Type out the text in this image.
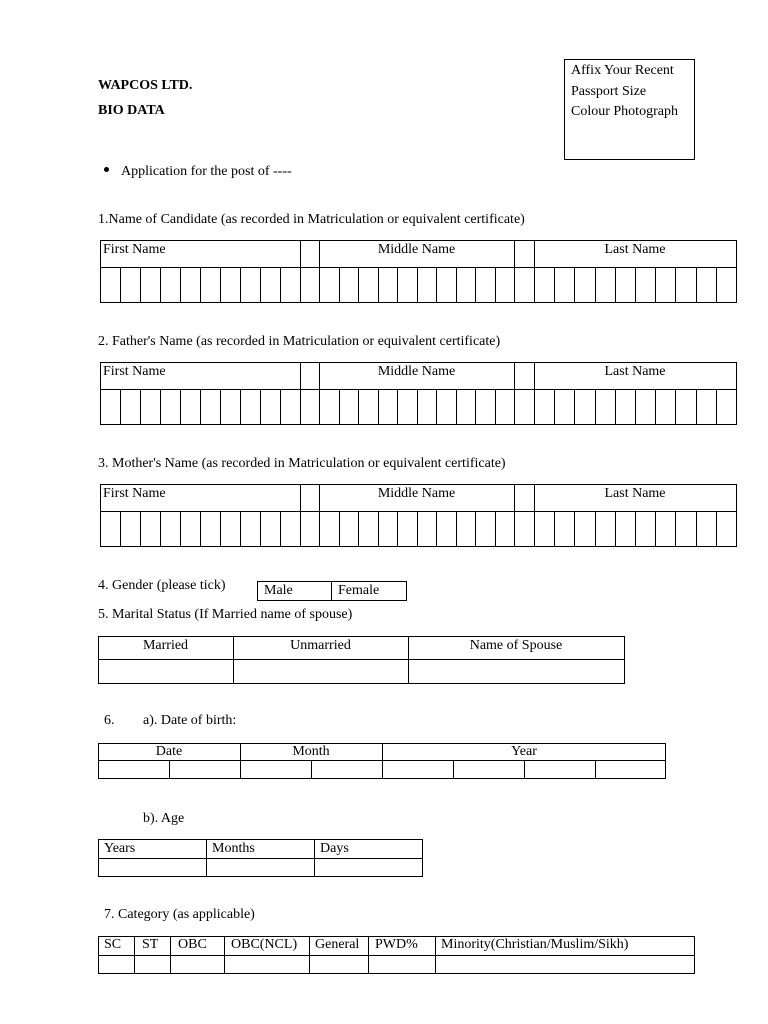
WAPCOS LTD.
BIO DATA
Affix Your Recent
Passport Size
Colour Photograph
Application for the post of ----
1.Name of Candidate (as recorded in Matriculation or equivalent certificate)
First Name	Middle Name	Last Name
2. Father's Name (as recorded in Matriculation or equivalent certificate)
First Name	Middle Name	Last Name
3. Mother's Name (as recorded in Matriculation or equivalent certificate)
First Name	Middle Name	Last Name
4. Gender (please tick)	Male	Female
5. Marital Status (If Married name of spouse)
Married	Unmarried	Name of Spouse
6. a). Date of birth:
Date	Month	Year
b). Age
Years	Months	Days
7. Category (as applicable)
SC ST OBC OBC(NCL) General PWD% Minority(Christian/Muslim/Sikh)
